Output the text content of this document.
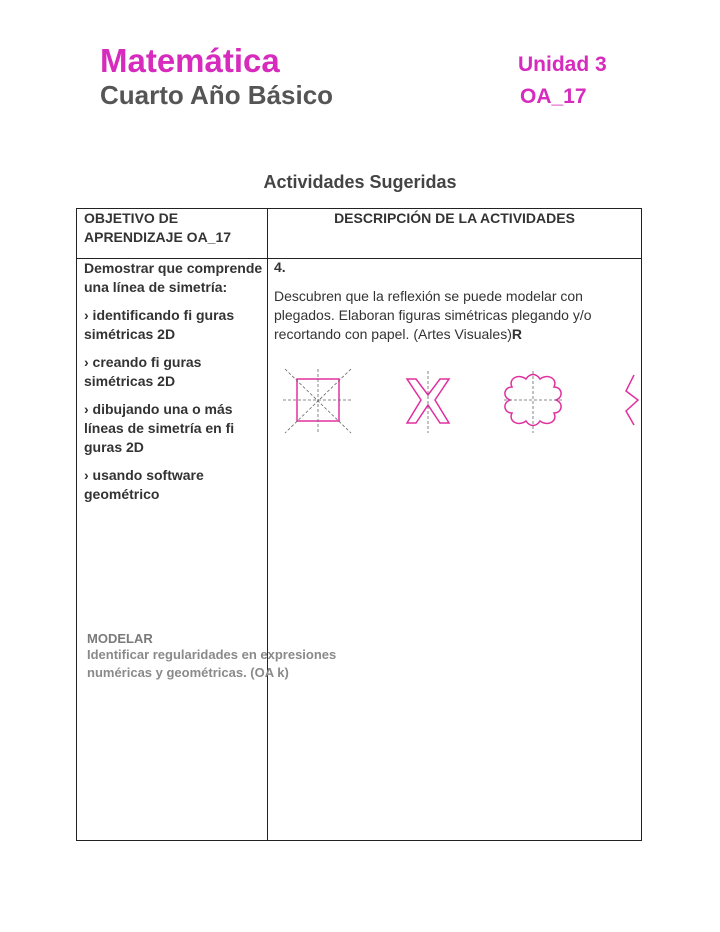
Matemática
Cuarto Año Básico
Unidad 3
OA_17
Actividades Sugeridas
OBJETIVO DE APRENDIZAJE OA_17
DESCRIPCIÓN DE LA ACTIVIDADES
Demostrar que comprende una línea de simetría:
› identificando fi guras simétricas 2D
› creando fi guras simétricas 2D
› dibujando una o más líneas de simetría en fi guras 2D
› usando software geométrico
MODELAR
Identificar regularidades en expresiones numéricas y geométricas. (OA k)
4.
Descubren que la reflexión se puede modelar con plegados. Elaboran figuras simétricas plegando y/o recortando con papel. (Artes Visuales)R
